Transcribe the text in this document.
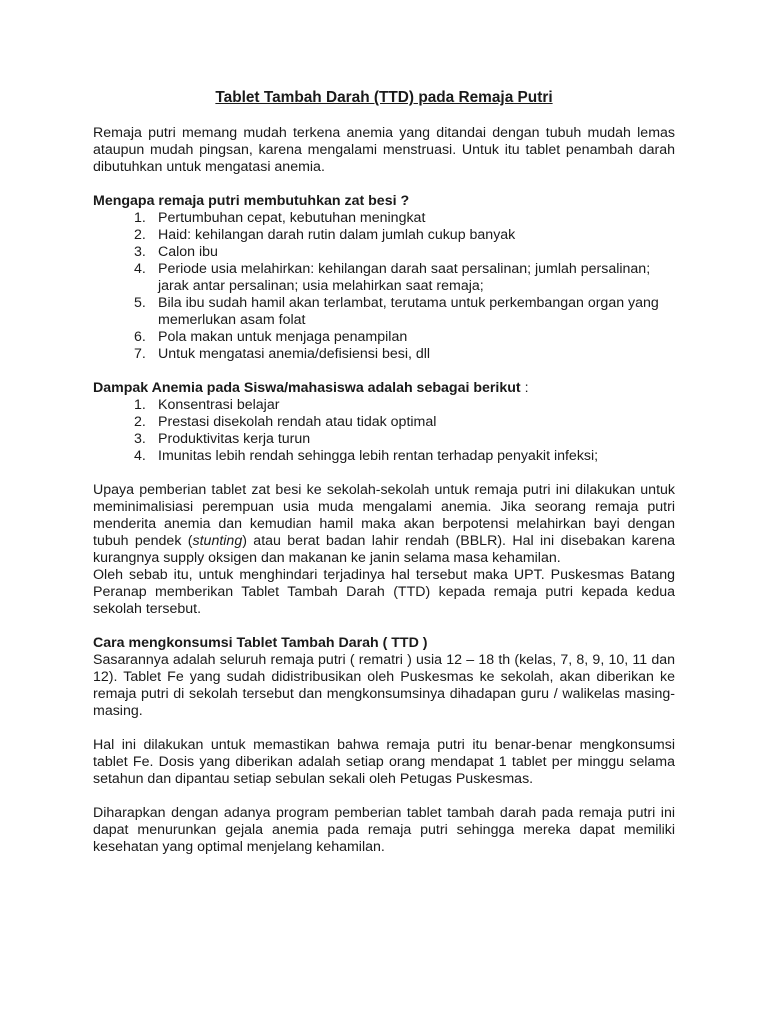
Tablet Tambah Darah (TTD) pada Remaja Putri

Remaja putri memang mudah terkena anemia yang ditandai dengan tubuh mudah lemas ataupun mudah pingsan, karena mengalami menstruasi. Untuk itu tablet penambah darah dibutuhkan untuk mengatasi anemia.

Mengapa remaja putri membutuhkan zat besi ?
1. Pertumbuhan cepat, kebutuhan meningkat
2. Haid: kehilangan darah rutin dalam jumlah cukup banyak
3. Calon ibu
4. Periode usia melahirkan: kehilangan darah saat persalinan; jumlah persalinan; jarak antar persalinan; usia melahirkan saat remaja;
5. Bila ibu sudah hamil akan terlambat, terutama untuk perkembangan organ yang memerlukan asam folat
6. Pola makan untuk menjaga penampilan
7. Untuk mengatasi anemia/defisiensi besi, dll
Dampak Anemia pada Siswa/mahasiswa adalah sebagai berikut :
1. Konsentrasi belajar
2. Prestasi disekolah rendah atau tidak optimal
3. Produktivitas kerja turun
4. Imunitas lebih rendah sehingga lebih rentan terhadap penyakit infeksi;

Upaya pemberian tablet zat besi ke sekolah-sekolah untuk remaja putri ini dilakukan untuk meminimalisiasi perempuan usia muda mengalami anemia. Jika seorang remaja putri menderita anemia dan kemudian hamil maka akan berpotensi melahirkan bayi dengan tubuh pendek (stunting) atau berat badan lahir rendah (BBLR). Hal ini disebakan karena kurangnya supply oksigen dan makanan ke janin selama masa kehamilan.

Oleh sebab itu, untuk menghindari terjadinya hal tersebut maka UPT. Puskesmas Batang Peranap memberikan Tablet Tambah Darah (TTD) kepada remaja putri kepada kedua sekolah tersebut.

Cara mengkonsumsi Tablet Tambah Darah ( TTD )

Sasarannya adalah seluruh remaja putri ( rematri ) usia 12 – 18 th (kelas, 7, 8, 9, 10, 11 dan 12). Tablet Fe yang sudah didistribusikan oleh Puskesmas ke sekolah, akan diberikan ke remaja putri di sekolah tersebut dan mengkonsumsinya dihadapan guru / walikelas masing-masing.

Hal ini dilakukan untuk memastikan bahwa remaja putri itu benar-benar mengkonsumsi tablet Fe. Dosis yang diberikan adalah setiap orang mendapat 1 tablet per minggu selama setahun dan dipantau setiap sebulan sekali oleh Petugas Puskesmas.

Diharapkan dengan adanya program pemberian tablet tambah darah pada remaja putri ini dapat menurunkan gejala anemia pada remaja putri sehingga mereka dapat memiliki kesehatan yang optimal menjelang kehamilan.
